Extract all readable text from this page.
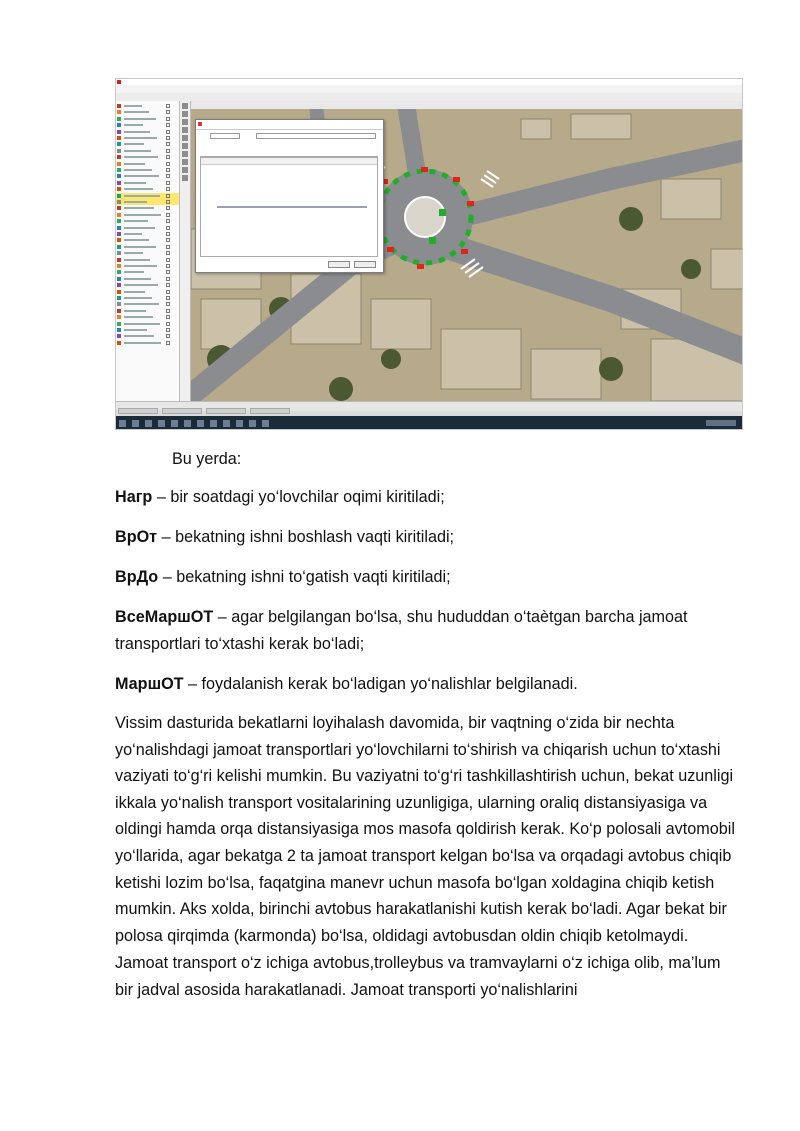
Bu yerda:
Нагр – bir soatdagi yo‘lovchilar oqimi kiritiladi;
ВрОт – bekatning ishni boshlash vaqti kiritiladi;
ВрДо – bekatning ishni to‘gatish vaqti kiritiladi;
ВсеМаршОТ – agar belgilangan bo‘lsa, shu hududdan o‘taètgan barcha jamoat transportlari to‘xtashi kerak bo‘ladi;
МаршОТ – foydalanish kerak bo‘ladigan yo‘nalishlar belgilanadi.
Vissim dasturida bekatlarni loyihalash davomida, bir vaqtning o‘zida bir nechta yo‘nalishdagi jamoat transportlari yo‘lovchilarni to‘shirish va chiqarish uchun to‘xtashi vaziyati to‘g‘ri kelishi mumkin. Bu vaziyatni to‘g‘ri tashkillashtirish uchun, bekat uzunligi ikkala yo‘nalish transport vositalarining uzunligiga, ularning oraliq distansiyasiga va oldingi hamda orqa distansiyasiga mos masofa qoldirish kerak. Ko‘p polosali avtomobil yo‘llarida, agar bekatga 2 ta jamoat transport kelgan bo‘lsa va orqadagi avtobus chiqib ketishi lozim bo‘lsa, faqatgina manevr uchun masofa bo‘lgan xoldagina chiqib ketish mumkin. Aks xolda, birinchi avtobus harakatlanishi kutish kerak bo‘ladi. Agar bekat bir polosa qirqimda (karmonda) bo‘lsa, oldidagi avtobusdan oldin chiqib ketolmaydi.
Jamoat transport o‘z ichiga avtobus,trolleybus va tramvaylarni o‘z ichiga olib, ma’lum bir jadval asosida harakatlanadi. Jamoat transporti yo‘nalishlarini
